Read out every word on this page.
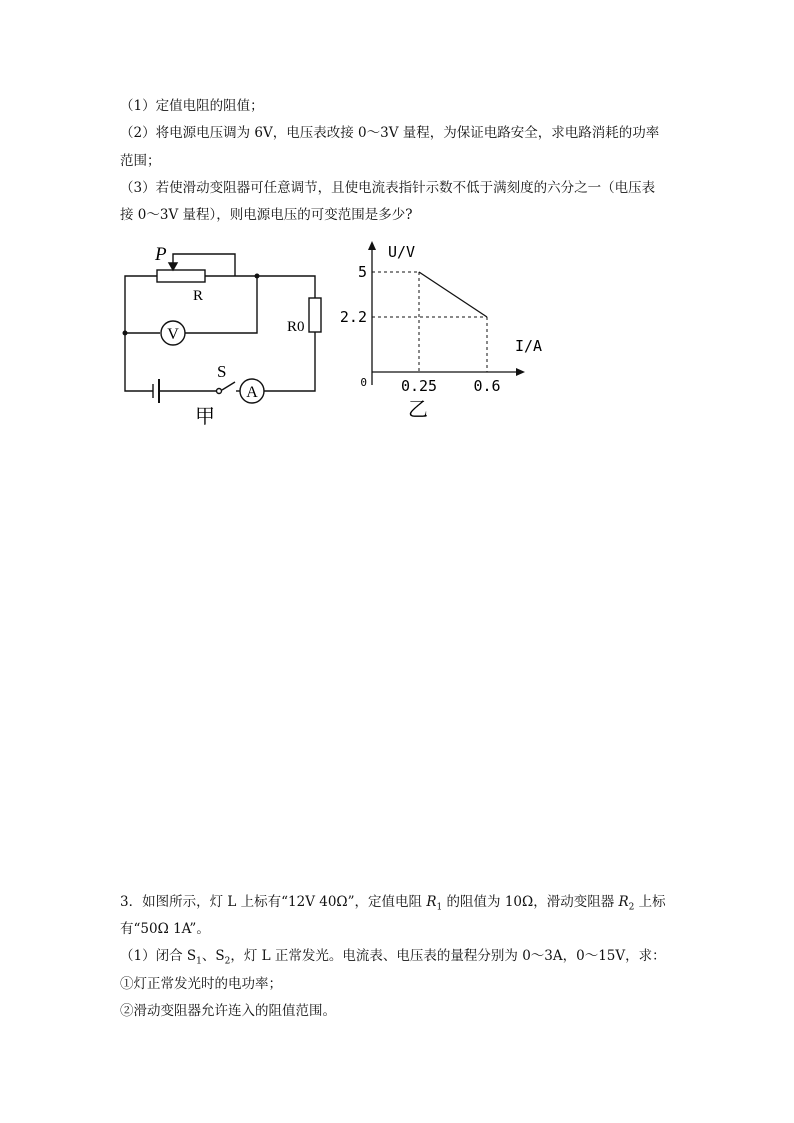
（1）定值电阻的阻值；
（2）将电源电压调为 6V，电压表改接 0～3V 量程，为保证电路安全，求电路消耗的功率
范围；
（3）若使滑动变阻器可任意调节，且使电流表指针示数不低于满刻度的六分之一（电压表
接 0～3V 量程），则电源电压的可变范围是多少?
P
R
R0
V
A
S
甲
U/V
I/A
0 0.25 0.6
5
2.2
乙
3．如图所示，灯 L 上标有“12V 40Ω”，定值电阻 $R_1$ 的阻值为 10Ω，滑动变阻器 $R_2$ 上标
有“50Ω 1A”。
（1）闭合 $S_1$、$S_2$，灯 L 正常发光。电流表、电压表的量程分别为 0～3A，0～15V，求：
①灯正常发光时的电功率；
②滑动变阻器允许连入的阻值范围。
